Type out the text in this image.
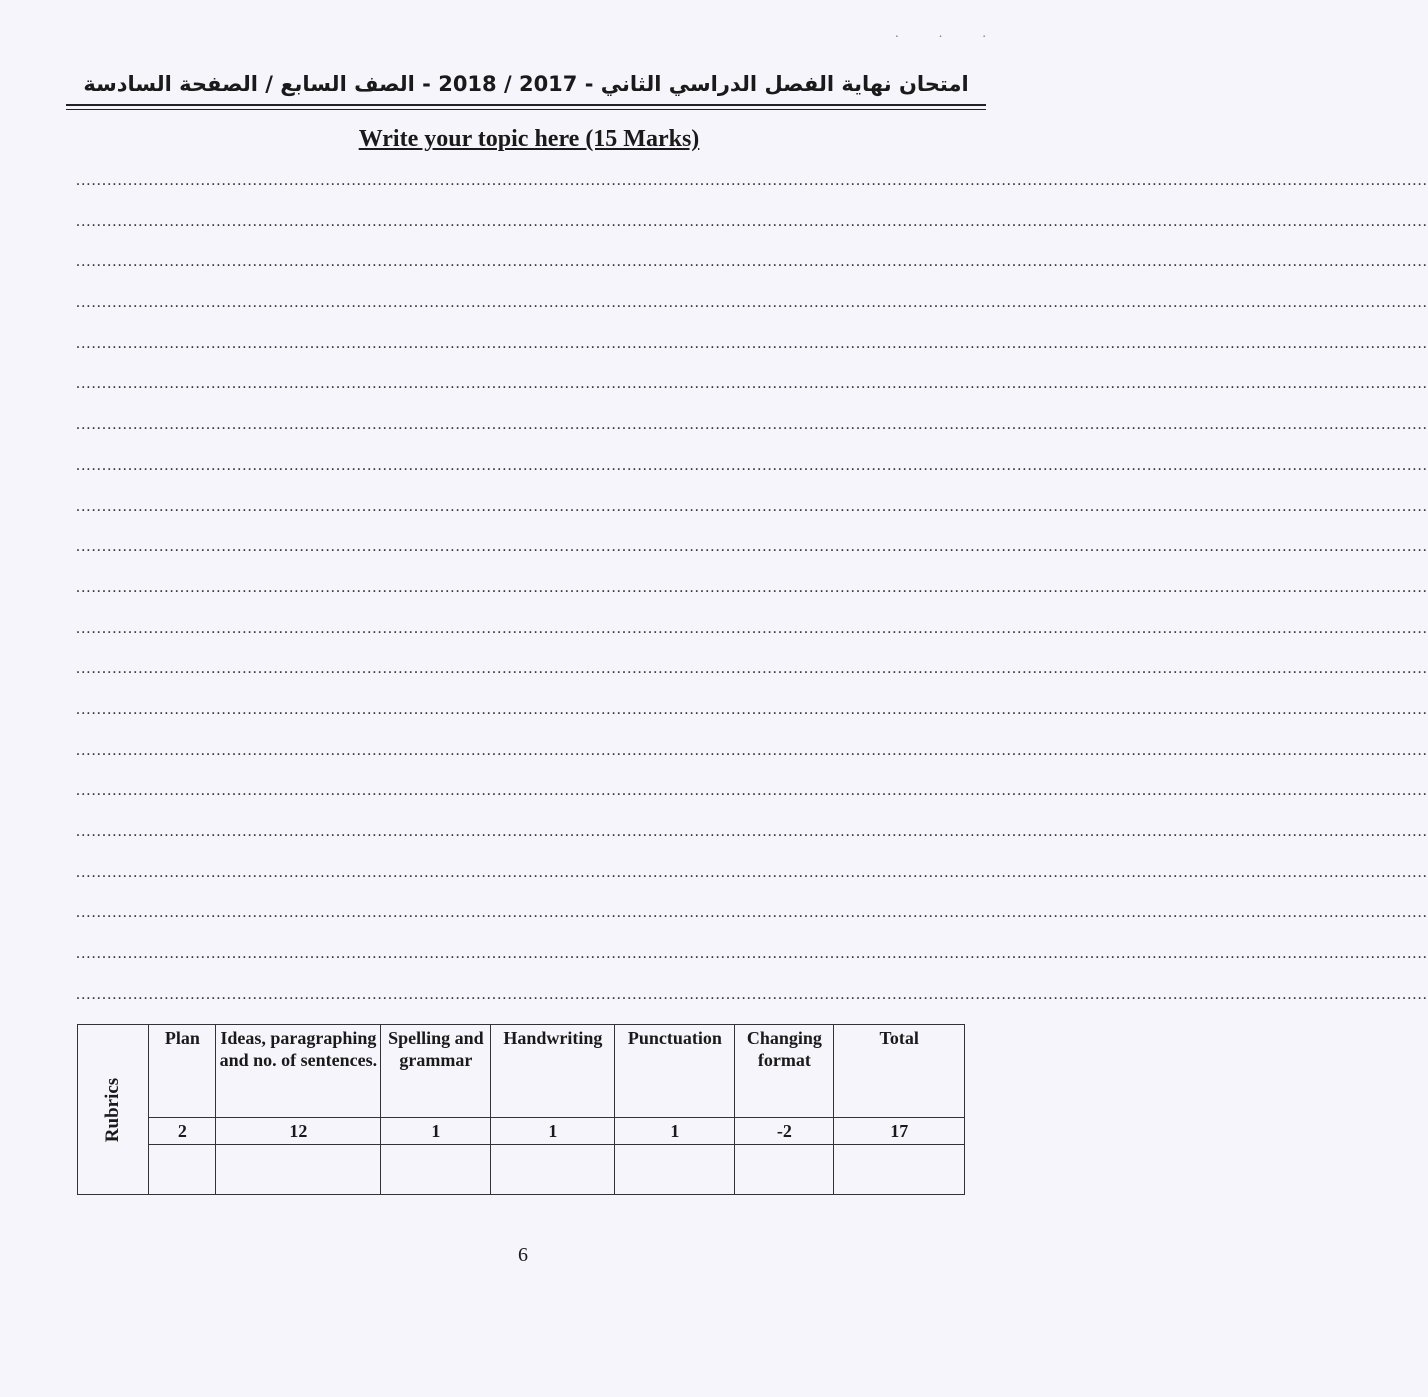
. . .
امتحان نهاية الفصل الدراسي الثاني - 2017 / 2018 - الصف السابع / الصفحة السادسة
Write your topic here (15 Marks)
....................................................................................................................................................................................................................................................................
....................................................................................................................................................................................................................................................................
....................................................................................................................................................................................................................................................................
....................................................................................................................................................................................................................................................................
....................................................................................................................................................................................................................................................................
....................................................................................................................................................................................................................................................................
....................................................................................................................................................................................................................................................................
....................................................................................................................................................................................................................................................................
....................................................................................................................................................................................................................................................................
....................................................................................................................................................................................................................................................................
....................................................................................................................................................................................................................................................................
....................................................................................................................................................................................................................................................................
....................................................................................................................................................................................................................................................................
....................................................................................................................................................................................................................................................................
....................................................................................................................................................................................................................................................................
....................................................................................................................................................................................................................................................................
....................................................................................................................................................................................................................................................................
....................................................................................................................................................................................................................................................................
....................................................................................................................................................................................................................................................................
....................................................................................................................................................................................................................................................................
....................................................................................................................................................................................................................................................................
Rubrics	Plan	Ideas, paragraphing and no. of sentences.	Spelling and grammar	Handwriting	Punctuation	Changing format	Total
	2	12	1	1	1	-2	17

6
